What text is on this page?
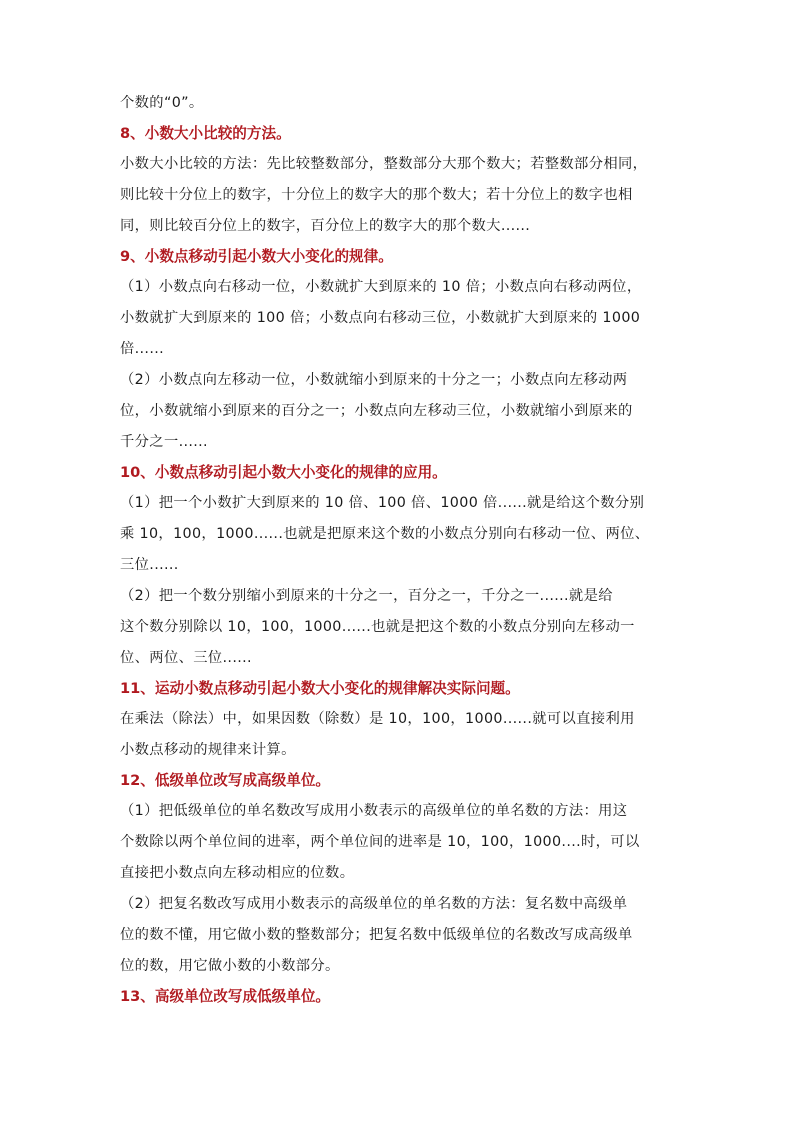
个数的“0”。
8、小数大小比较的方法。
小数大小比较的方法：先比较整数部分，整数部分大那个数大；若整数部分相同，
则比较十分位上的数字，十分位上的数字大的那个数大；若十分位上的数字也相
同，则比较百分位上的数字，百分位上的数字大的那个数大......
9、小数点移动引起小数大小变化的规律。
（1）小数点向右移动一位，小数就扩大到原来的 10 倍；小数点向右移动两位，
小数就扩大到原来的 100 倍；小数点向右移动三位，小数就扩大到原来的 1000
倍......
（2）小数点向左移动一位，小数就缩小到原来的十分之一；小数点向左移动两
位，小数就缩小到原来的百分之一；小数点向左移动三位，小数就缩小到原来的
千分之一......
10、小数点移动引起小数大小变化的规律的应用。
（1）把一个小数扩大到原来的 10 倍、100 倍、1000 倍......就是给这个数分别
乘 10，100，1000......也就是把原来这个数的小数点分别向右移动一位、两位、
三位......
（2）把一个数分别缩小到原来的十分之一，百分之一，千分之一......就是给
这个数分别除以 10，100，1000......也就是把这个数的小数点分别向左移动一
位、两位、三位......
11、运动小数点移动引起小数大小变化的规律解决实际问题。
在乘法（除法）中，如果因数（除数）是 10，100，1000......就可以直接利用
小数点移动的规律来计算。
12、低级单位改写成高级单位。
（1）把低级单位的单名数改写成用小数表示的高级单位的单名数的方法：用这
个数除以两个单位间的进率，两个单位间的进率是 10，100，1000....时，可以
直接把小数点向左移动相应的位数。
（2）把复名数改写成用小数表示的高级单位的单名数的方法：复名数中高级单
位的数不懂，用它做小数的整数部分；把复名数中低级单位的名数改写成高级单
位的数，用它做小数的小数部分。
13、高级单位改写成低级单位。
